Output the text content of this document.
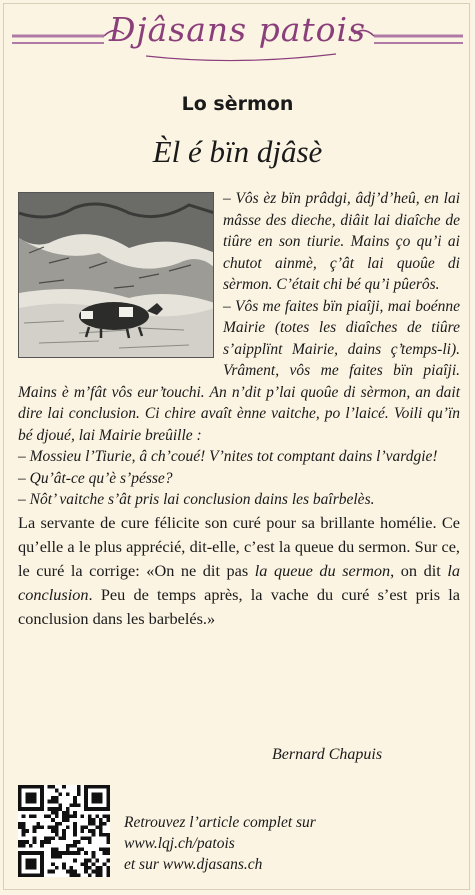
Djâsans patois
Lo sèrmon
Èl é bïn djâsè

– Vôs èz bïn prâdgi, âdj’d’heû, en lai mâsse des dieche, diâit lai diaîche de tiûre en son tiurie. Mains ço qu’i ai chutot ainmè, ç’ât lai quoûe di sèrmon. C’était chi bé qu’i pûerôs.

– Vôs me faites bïn piaîji, mai boénne Mairie (totes les diaîches de tiûre s’aipplïnt Mairie, dains ç’temps-li). Vrâment, vôs me faites bïn piaîji. Mains è m’fât vôs eur’touchi. An n’dit p’lai quoûe di sèrmon, an dait dire lai conclusion. Ci chire avaît ènne vaitche, po l’laicé. Voili qu’ïn bé djoué, lai Mairie breûille :

– Mossieu l’Tiurie, â ch’coué! V’nites tot comptant dains l’vardgie!

– Qu’ât-ce qu’è s’pésse?

– Nôt’ vaitche s’ât pris lai conclusion dains les baîrbelès.

La servante de cure félicite son curé pour sa brillante homélie. Ce qu’elle a le plus apprécié, dit-elle, c’est la queue du sermon. Sur ce, le curé la corrige: «On ne dit pas la queue du sermon, on dit la conclusion. Peu de temps après, la vache du curé s’est pris la conclusion dans les barbelés.»

Bernard Chapuis
Retrouvez l’article complet sur
www.lqj.ch/patois
et sur www.djasans.ch
